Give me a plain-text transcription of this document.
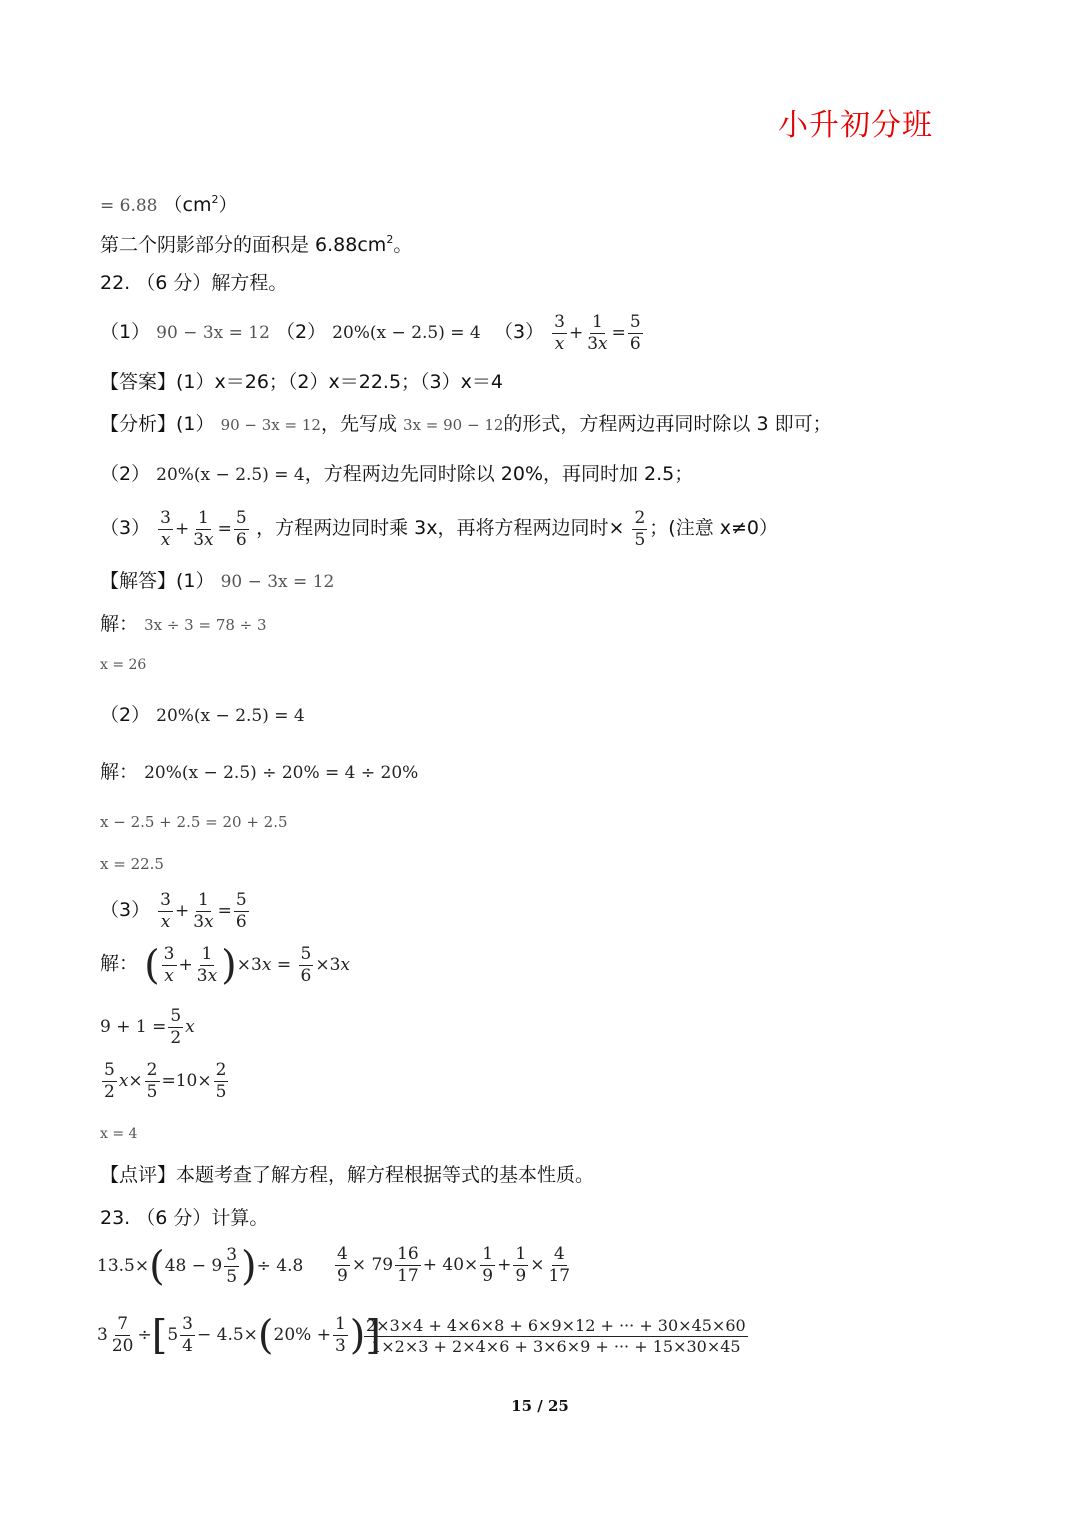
小升初分班
= 6.88 $(cm^2)$
第二个阴影部分的面积是 $6.88cm^2$。
22. （6 分）解方程。
（1） 90 − 3x = 12 （2） 20%(x − 2.5) = 4 $(3) \frac{3}{x} + \frac{1}{3x} = \frac{5}{6}$
【答案】(1）x＝26；（2）x＝22.5；（3）x＝4
【分析】(1） 90 − 3x = 12，先写成 3x = 90 − 12的形式，方程两边再同时除以 3 即可；
（2） 20%(x − 2.5) = 4，方程两边先同时除以 20%，再同时加 2.5；
$(3) \frac{3}{x} + \frac{1}{3x} = \frac{5}{6}$ ，方程两边同时乘 3x，再将方程两边同时× $\frac{2}{5}$ ；(注意 x≠0）
【解答】(1） 90 − 3x = 12
解： 3x ÷ 3 = 78 ÷ 3
x = 26
（2） 20%(x − 2.5) = 4
解： 20%(x − 2.5) ÷ 20% = 4 ÷ 20%
x − 2.5 + 2.5 = 20 + 2.5
x = 22.5
$(3) \frac{3}{x} + \frac{1}{3x} = \frac{5}{6}$
解： ( $\frac{3}{x} + \frac{1}{3x} )\times 3x = \frac{5}{6} \times 3x$
$9 + 1 = \frac{5}{2}$ x
$\frac{5}{2} x\times \frac{2}{5} =10\times \frac{2}{5}$
x = 4
【点评】本题考查了解方程，解方程根据等式的基本性质。
23. （6 分）计算。
$13.5\times(48 - 9 \frac{3}{5}$ )÷ $4.8 \frac{4}{9} \times 79 \frac{16}{17} + 40\times \frac{1}{9} + \frac{1}{9} \times \frac{4}{17}$
$3 \frac{7}{20} \div[5 \frac{3}{4} - 4.5\times(20\% + \frac{1}{3}$ )]
$\frac{2\times 3\times 4 + 4\times 6\times 8 + 6\times 9\times 12 + \cdot\cdot\cdot + 30\times 45\times 60}{1\times 2\times 3 + 2\times 4\times 6 + 3\times 6\times 9 + \cdot\cdot\cdot + 15\times 30\times 45}$
15 / 25
